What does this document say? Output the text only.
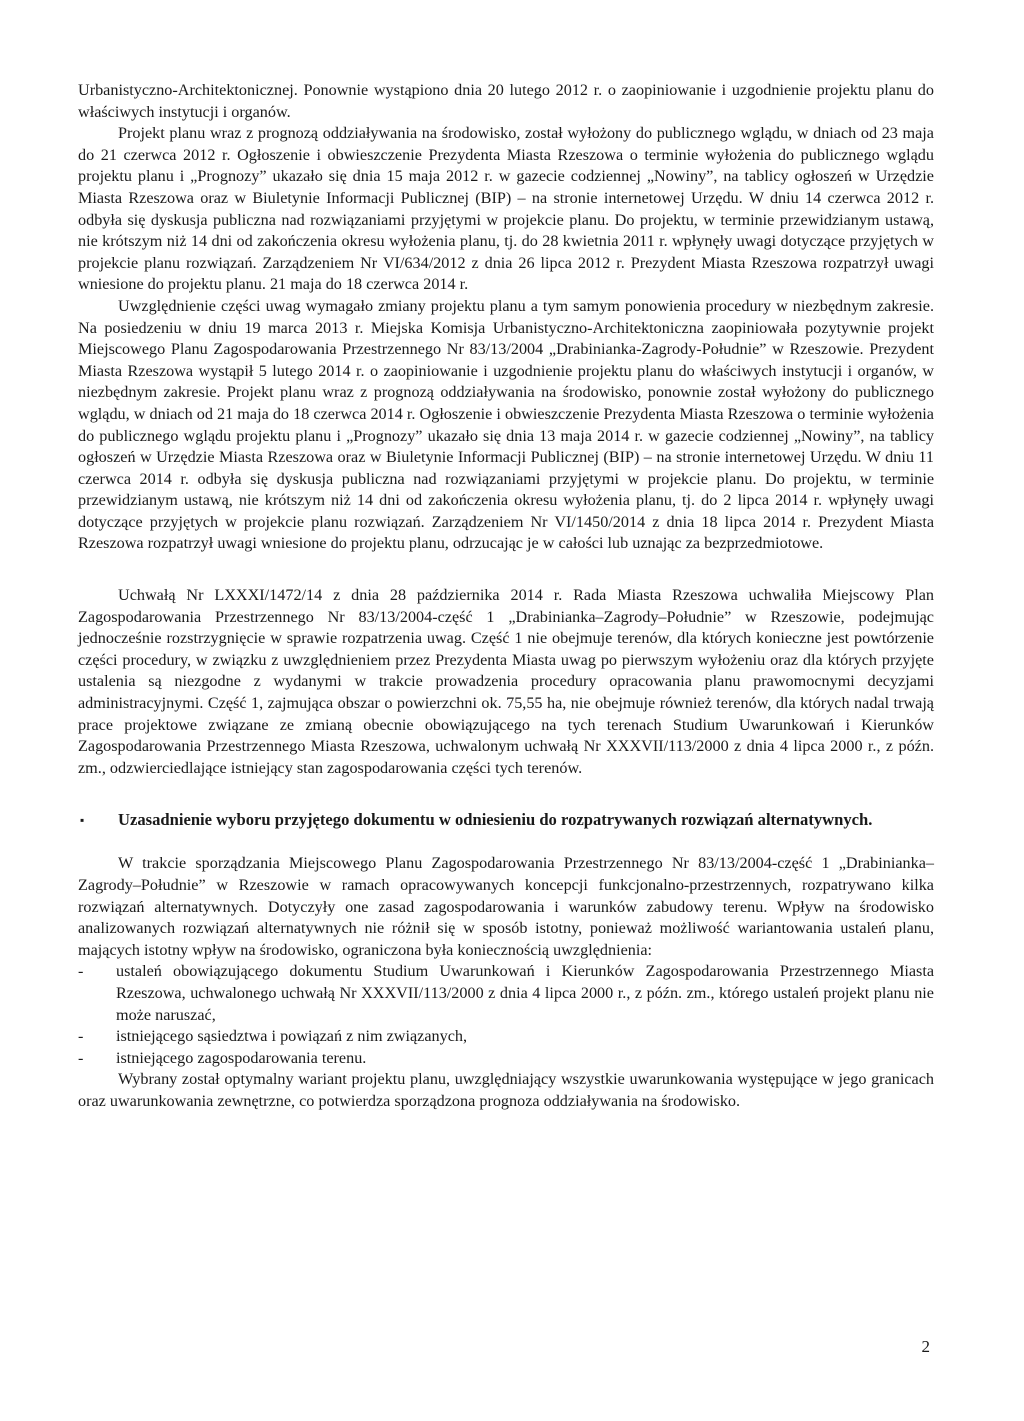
Urbanistyczno-Architektonicznej. Ponownie wystąpiono dnia 20 lutego 2012 r. o zaopiniowanie i uzgodnienie projektu planu do właściwych instytucji i organów.

Projekt planu wraz z prognozą oddziaływania na środowisko, został wyłożony do publicznego wglądu, w dniach od 23 maja do 21 czerwca 2012 r. Ogłoszenie i obwieszczenie Prezydenta Miasta Rzeszowa o terminie wyłożenia do publicznego wglądu projektu planu i „Prognozy” ukazało się dnia 15 maja 2012 r. w gazecie codziennej „Nowiny”, na tablicy ogłoszeń w Urzędzie Miasta Rzeszowa oraz w Biuletynie Informacji Publicznej (BIP) – na stronie internetowej Urzędu. W dniu 14 czerwca 2012 r. odbyła się dyskusja publiczna nad rozwiązaniami przyjętymi w projekcie planu. Do projektu, w terminie przewidzianym ustawą, nie krótszym niż 14 dni od zakończenia okresu wyłożenia planu, tj. do 28 kwietnia 2011 r. wpłynęły uwagi dotyczące przyjętych w projekcie planu rozwiązań. Zarządzeniem Nr VI/634/2012 z dnia 26 lipca 2012 r. Prezydent Miasta Rzeszowa rozpatrzył uwagi wniesione do projektu planu. 21 maja do 18 czerwca 2014 r.

Uwzględnienie części uwag wymagało zmiany projektu planu a tym samym ponowienia procedury w niezbędnym zakresie. Na posiedzeniu w dniu 19 marca 2013 r. Miejska Komisja Urbanistyczno-Architektoniczna zaopiniowała pozytywnie projekt Miejscowego Planu Zagospodarowania Przestrzennego Nr 83/13/2004 „Drabinianka-Zagrody-Południe” w Rzeszowie. Prezydent Miasta Rzeszowa wystąpił 5 lutego 2014 r. o zaopiniowanie i uzgodnienie projektu planu do właściwych instytucji i organów, w niezbędnym zakresie. Projekt planu wraz z prognozą oddziaływania na środowisko, ponownie został wyłożony do publicznego wglądu, w dniach od 21 maja do 18 czerwca 2014 r. Ogłoszenie i obwieszczenie Prezydenta Miasta Rzeszowa o terminie wyłożenia do publicznego wglądu projektu planu i „Prognozy” ukazało się dnia 13 maja 2014 r. w gazecie codziennej „Nowiny”, na tablicy ogłoszeń w Urzędzie Miasta Rzeszowa oraz w Biuletynie Informacji Publicznej (BIP) – na stronie internetowej Urzędu. W dniu 11 czerwca 2014 r. odbyła się dyskusja publiczna nad rozwiązaniami przyjętymi w projekcie planu. Do projektu, w terminie przewidzianym ustawą, nie krótszym niż 14 dni od zakończenia okresu wyłożenia planu, tj. do 2 lipca 2014 r. wpłynęły uwagi dotyczące przyjętych w projekcie planu rozwiązań. Zarządzeniem Nr VI/1450/2014 z dnia 18 lipca 2014 r. Prezydent Miasta Rzeszowa rozpatrzył uwagi wniesione do projektu planu, odrzucając je w całości lub uznając za bezprzedmiotowe.

Uchwałą Nr LXXXI/1472/14 z dnia 28 października 2014 r. Rada Miasta Rzeszowa uchwaliła Miejscowy Plan Zagospodarowania Przestrzennego Nr 83/13/2004-część 1 „Drabinianka–Zagrody–Południe” w Rzeszowie, podejmując jednocześnie rozstrzygnięcie w sprawie rozpatrzenia uwag. Część 1 nie obejmuje terenów, dla których konieczne jest powtórzenie części procedury, w związku z uwzględnieniem przez Prezydenta Miasta uwag po pierwszym wyłożeniu oraz dla których przyjęte ustalenia są niezgodne z wydanymi w trakcie prowadzenia procedury opracowania planu prawomocnymi decyzjami administracyjnymi. Część 1, zajmująca obszar o powierzchni ok. 75,55 ha, nie obejmuje również terenów, dla których nadal trwają prace projektowe związane ze zmianą obecnie obowiązującego na tych terenach Studium Uwarunkowań i Kierunków Zagospodarowania Przestrzennego Miasta Rzeszowa, uchwalonym uchwałą Nr XXXVII/113/2000 z dnia 4 lipca 2000 r., z późn. zm., odzwierciedlające istniejący stan zagospodarowania części tych terenów.

▪	Uzasadnienie wyboru przyjętego dokumentu w odniesieniu do rozpatrywanych rozwiązań alternatywnych.

W trakcie sporządzania Miejscowego Planu Zagospodarowania Przestrzennego Nr 83/13/2004-część 1 „Drabinianka–Zagrody–Południe” w Rzeszowie w ramach opracowywanych koncepcji funkcjonalno-przestrzennych, rozpatrywano kilka rozwiązań alternatywnych. Dotyczyły one zasad zagospodarowania i warunków zabudowy terenu. Wpływ na środowisko analizowanych rozwiązań alternatywnych nie różnił się w sposób istotny, ponieważ możliwość wariantowania ustaleń planu, mających istotny wpływ na środowisko, ograniczona była koniecznością uwzględnienia:

-	ustaleń obowiązującego dokumentu Studium Uwarunkowań i Kierunków Zagospodarowania Przestrzennego Miasta Rzeszowa, uchwalonego uchwałą Nr XXXVII/113/2000 z dnia 4 lipca 2000 r., z późn. zm., którego ustaleń projekt planu nie może naruszać,
-	istniejącego sąsiedztwa i powiązań z nim związanych,
-	istniejącego zagospodarowania terenu.

Wybrany został optymalny wariant projektu planu, uwzględniający wszystkie uwarunkowania występujące w jego granicach oraz uwarunkowania zewnętrzne, co potwierdza sporządzona prognoza oddziaływania na środowisko.

2
